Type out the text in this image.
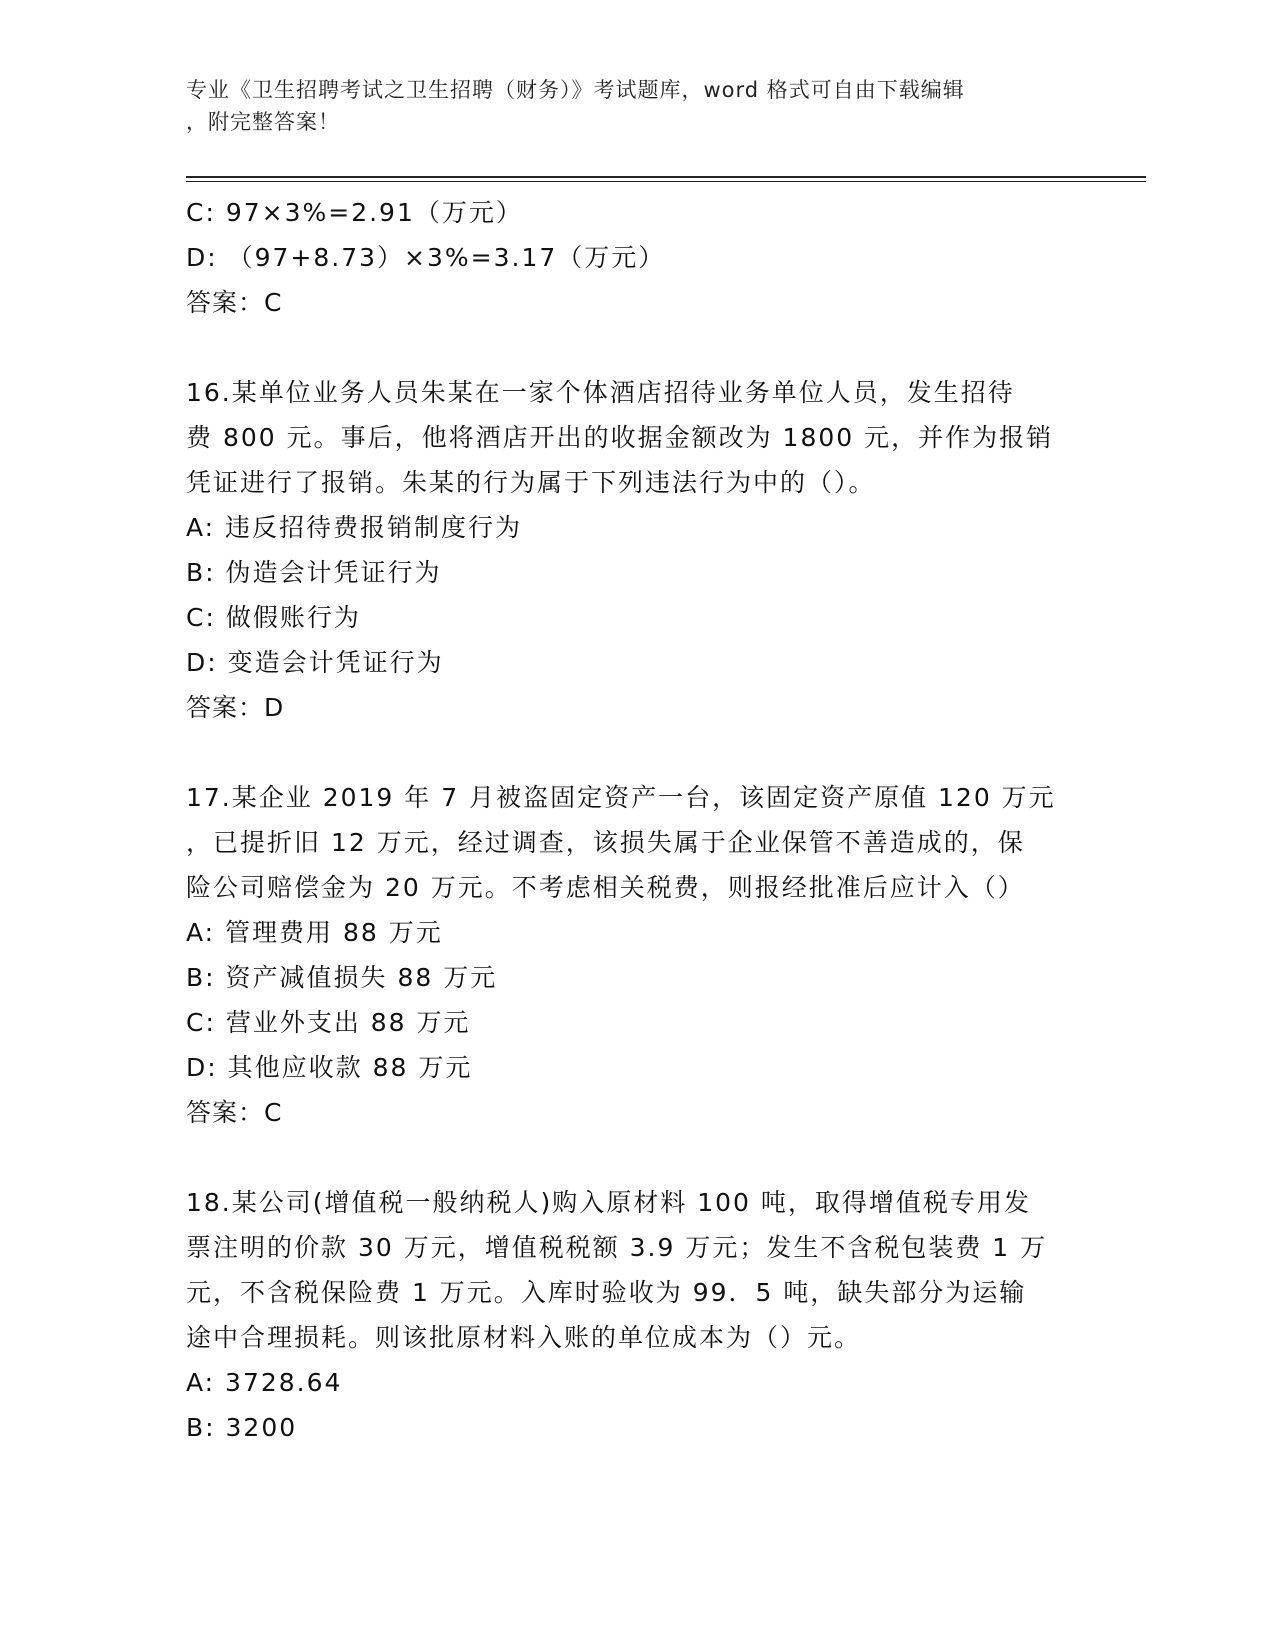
专业《卫生招聘考试之卫生招聘（财务）》考试题库，word 格式可自由下载编辑
，附完整答案！
C: 97×3%=2.91（万元）
D: （97+8.73）×3%=3.17（万元）
答案：C
16.某单位业务人员朱某在一家个体酒店招待业务单位人员，发生招待
费 800 元。事后，他将酒店开出的收据金额改为 1800 元，并作为报销
凭证进行了报销。朱某的行为属于下列违法行为中的（）。
A: 违反招待费报销制度行为
B: 伪造会计凭证行为
C: 做假账行为
D: 变造会计凭证行为
答案：D
17.某企业 2019 年 7 月被盗固定资产一台，该固定资产原值 120 万元
，已提折旧 12 万元，经过调查，该损失属于企业保管不善造成的，保
险公司赔偿金为 20 万元。不考虑相关税费，则报经批准后应计入（）
A: 管理费用 88 万元
B: 资产减值损失 88 万元
C: 营业外支出 88 万元
D: 其他应收款 88 万元
答案：C
18.某公司(增值税一般纳税人)购入原材料 100 吨，取得增值税专用发
票注明的价款 30 万元，增值税税额 3.9 万元；发生不含税包装费 1 万
元，不含税保险费 1 万元。入库时验收为 99．5 吨，缺失部分为运输
途中合理损耗。则该批原材料入账的单位成本为（）元。
A: 3728.64
B: 3200
